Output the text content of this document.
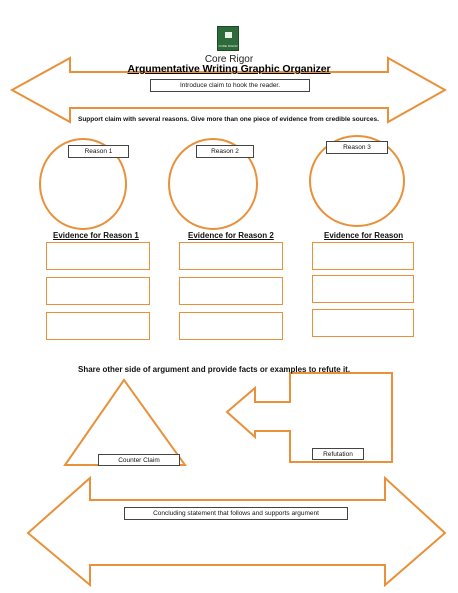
CORE RIGOR
Core Rigor
Argumentative Writing Graphic Organizer
Introduce claim to hook the reader.
Support claim with several reasons. Give more than one piece of evidence from credible sources.
Reason 1	Reason 2
Reason 3
Evidence for Reason 1	Evidence for Reason 2	Evidence for Reason
Share other side of argument and provide facts or examples to refute it.
Counter Claim
Refutation
Concluding statement that follows and supports argument
